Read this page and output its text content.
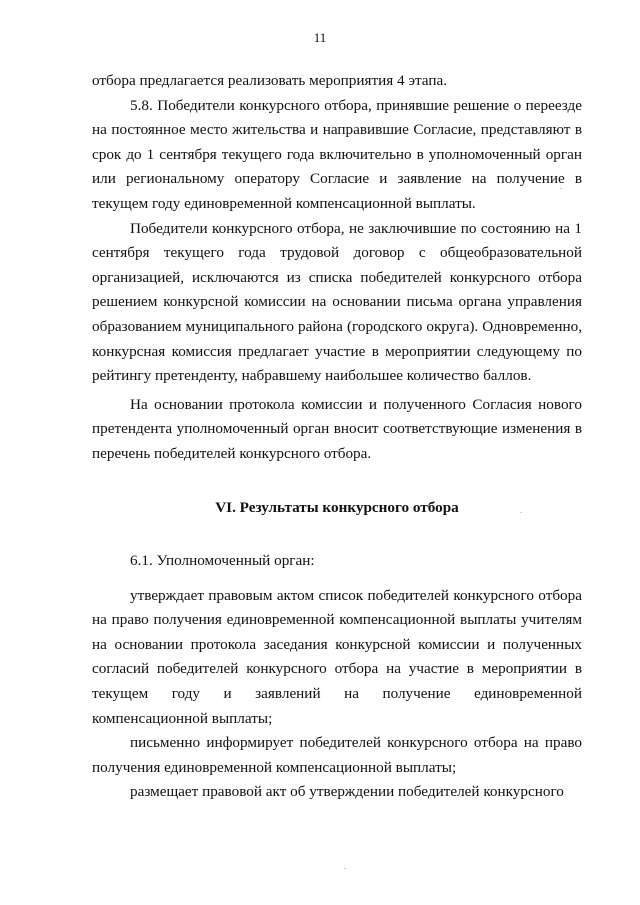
11

отбора предлагается реализовать мероприятия 4 этапа.

5.8. Победители конкурсного отбора, принявшие решение о переезде на постоянное место жительства и направившие Согласие, представляют в срок до 1 сентября текущего года включительно в уполномоченный орган или региональному оператору Согласие и заявление на получение в текущем году единовременной компенсационной выплаты.

Победители конкурсного отбора, не заключившие по состоянию на 1 сентября текущего года трудовой договор с общеобразовательной организацией, исключаются из списка победителей конкурсного отбора решением конкурсной комиссии на основании письма органа управления образованием муниципального района (городского округа). Одновременно, конкурсная комиссия предлагает участие в мероприятии следующему по рейтингу претенденту, набравшему наибольшее количество баллов.

На основании протокола комиссии и полученного Согласия нового претендента уполномоченный орган вносит соответствующие изменения в перечень победителей конкурсного отбора.

VI. Результаты конкурсного отбора

6.1. Уполномоченный орган:

утверждает правовым актом список победителей конкурсного отбора на право получения единовременной компенсационной выплаты учителям на основании протокола заседания конкурсной комиссии и полученных согласий победителей конкурсного отбора на участие в мероприятии в текущем году и заявлений на получение единовременной компенсационной выплаты;

письменно информирует победителей конкурсного отбора на право получения единовременной компенсационной выплаты;

размещает правовой акт об утверждении победителей конкурсного
